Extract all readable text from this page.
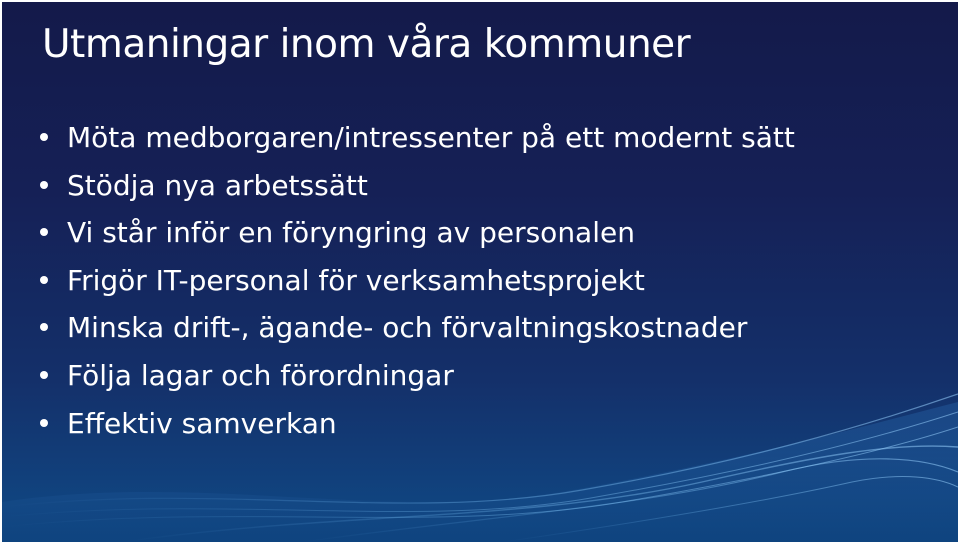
Utmaningar inom våra kommuner
Möta medborgaren/intressenter på ett modernt sätt
Stödja nya arbetssätt
Vi står inför en föryngring av personalen
Frigör IT-personal för verksamhetsprojekt
Minska drift-, ägande- och förvaltningskostnader
Följa lagar och förordningar
Effektiv samverkan
